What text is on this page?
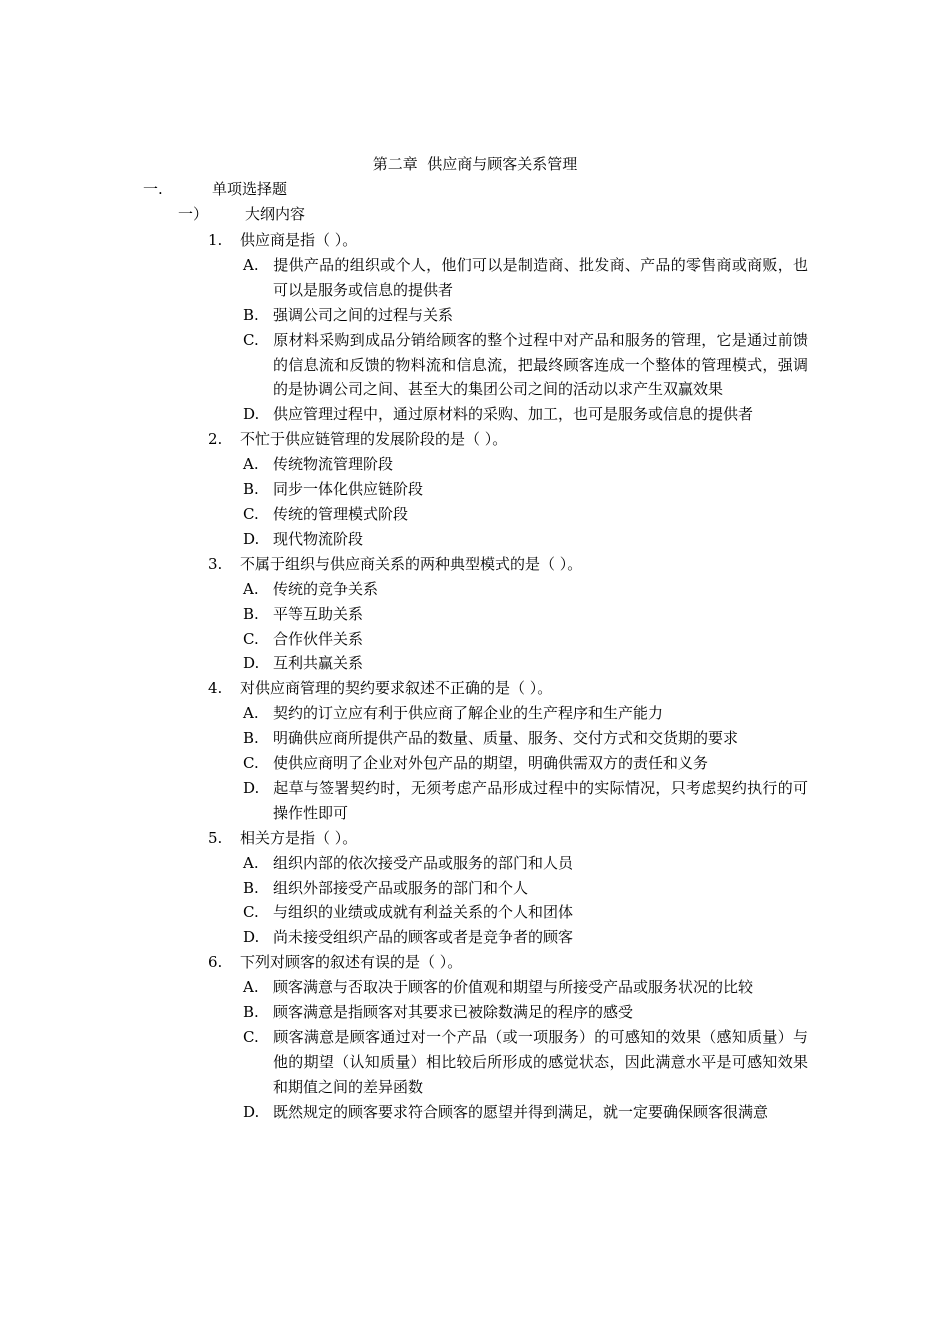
第二章  供应商与顾客关系管理
一.	单项选择题
一） 大纲内容
1. 供应商是指（ ）。
A. 提供产品的组织或个人，他们可以是制造商、批发商、产品的零售商或商贩，也可以是服务或信息的提供者
B. 强调公司之间的过程与关系
C. 原材料采购到成品分销给顾客的整个过程中对产品和服务的管理，它是通过前馈的信息流和反馈的物料流和信息流，把最终顾客连成一个整体的管理模式，强调的是协调公司之间、甚至大的集团公司之间的活动以求产生双赢效果
D. 供应管理过程中，通过原材料的采购、加工，也可是服务或信息的提供者
2. 不忙于供应链管理的发展阶段的是（ ）。
A. 传统物流管理阶段
B. 同步一体化供应链阶段
C. 传统的管理模式阶段
D. 现代物流阶段
3. 不属于组织与供应商关系的两种典型模式的是（ ）。
A. 传统的竞争关系
B. 平等互助关系
C. 合作伙伴关系
D. 互利共赢关系
4. 对供应商管理的契约要求叙述不正确的是（ ）。
A. 契约的订立应有利于供应商了解企业的生产程序和生产能力
B. 明确供应商所提供产品的数量、质量、服务、交付方式和交货期的要求
C. 使供应商明了企业对外包产品的期望，明确供需双方的责任和义务
D. 起草与签署契约时，无须考虑产品形成过程中的实际情况，只考虑契约执行的可操作性即可
5. 相关方是指（ ）。
A. 组织内部的依次接受产品或服务的部门和人员
B. 组织外部接受产品或服务的部门和个人
C. 与组织的业绩或成就有利益关系的个人和团体
D. 尚未接受组织产品的顾客或者是竞争者的顾客
6. 下列对顾客的叙述有误的是（ ）。
A. 顾客满意与否取决于顾客的价值观和期望与所接受产品或服务状况的比较
B. 顾客满意是指顾客对其要求已被除数满足的程序的感受
C. 顾客满意是顾客通过对一个产品（或一项服务）的可感知的效果（感知质量）与他的期望（认知质量）相比较后所形成的感觉状态，因此满意水平是可感知效果和期值之间的差异函数
D. 既然规定的顾客要求符合顾客的愿望并得到满足，就一定要确保顾客很满意
